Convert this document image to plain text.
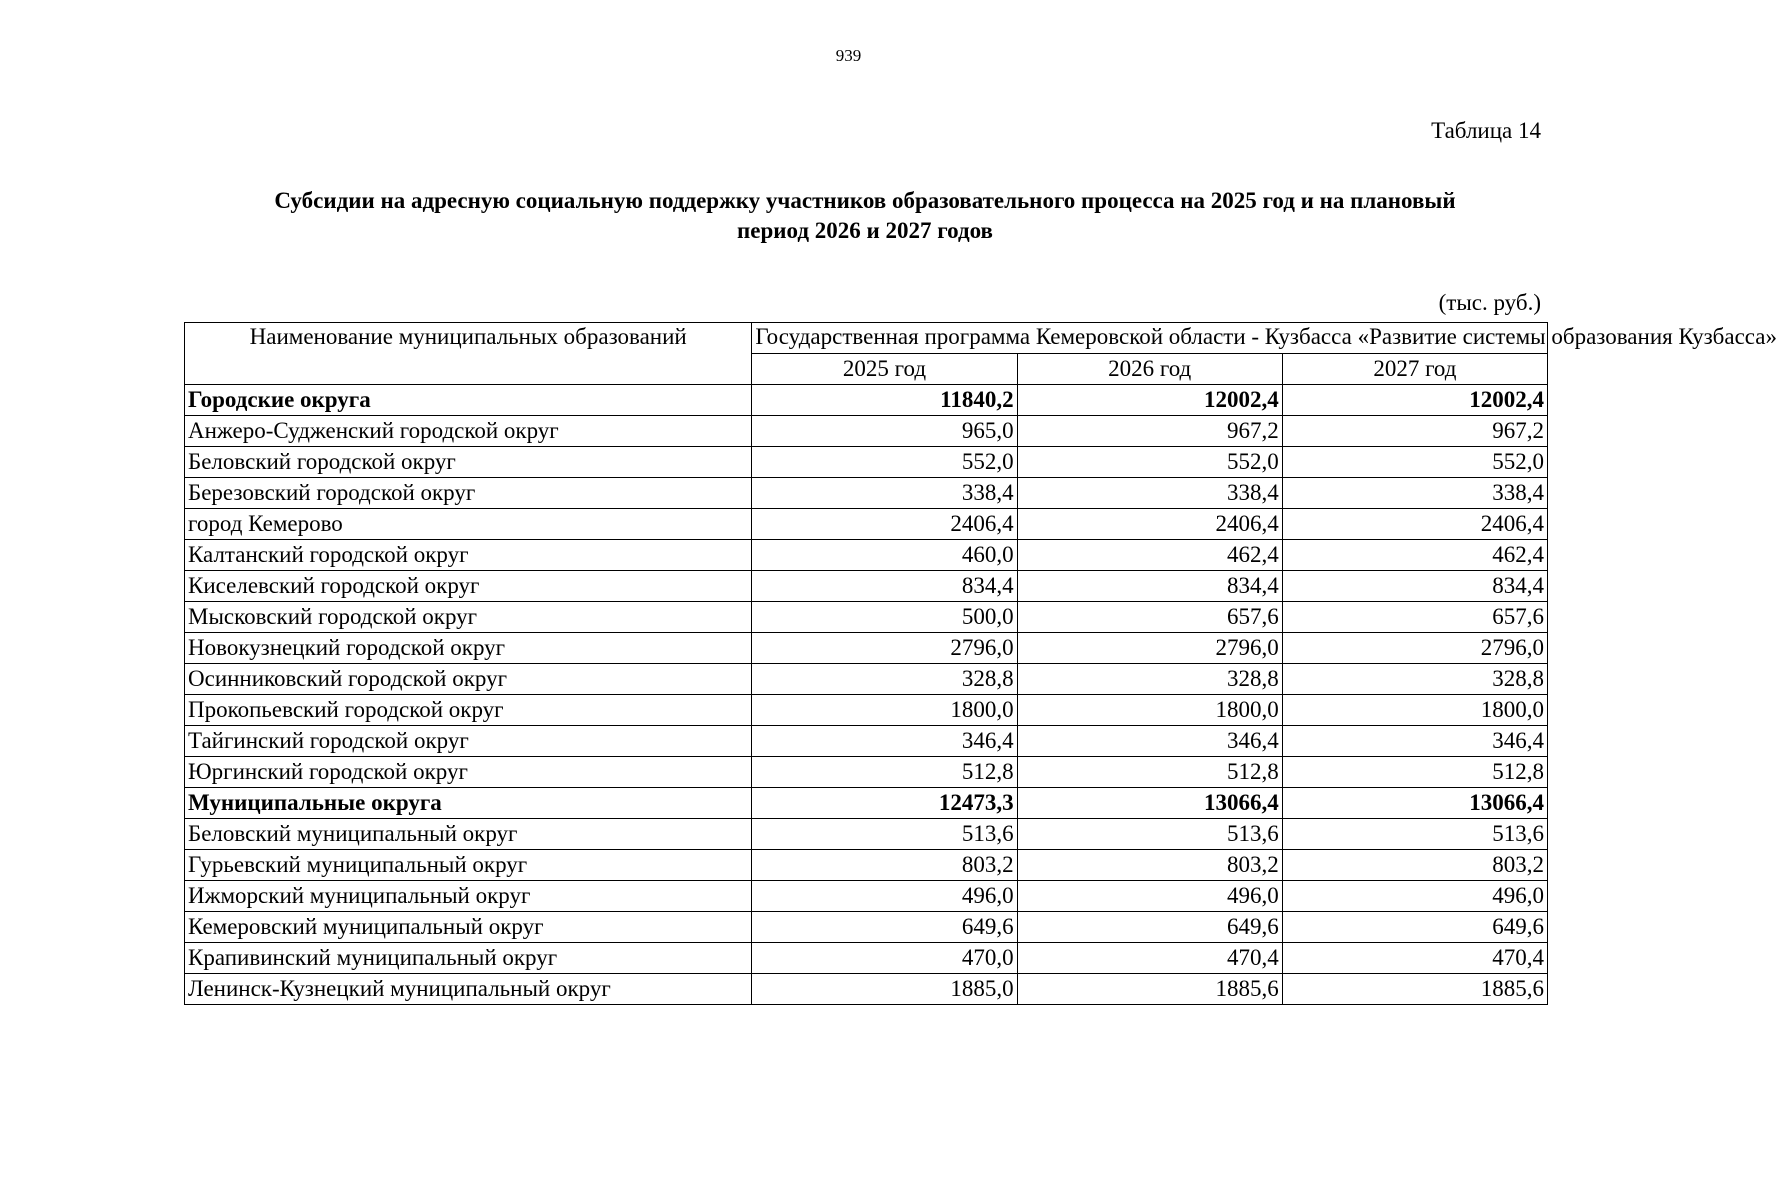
939
Таблица 14
Субсидии на адресную социальную поддержку участников образовательного процесса на 2025 год и на плановый
период 2026 и 2027 годов
(тыс. руб.)
Наименование муниципальных образований	Государственная программа Кемеровской области - Кузбасса «Развитие системы образования Кузбасса»		
	2025 год	2026 год	2027 год
Городские округа	11840,2	12002,4	12002,4
Анжеро-Судженский городской округ	965,0	967,2	967,2
Беловский городской округ	552,0	552,0	552,0
Березовский городской округ	338,4	338,4	338,4
город Кемерово	2406,4	2406,4	2406,4
Калтанский городской округ	460,0	462,4	462,4
Киселевский городской округ	834,4	834,4	834,4
Мысковский городской округ	500,0	657,6	657,6
Новокузнецкий городской округ	2796,0	2796,0	2796,0
Осинниковский городской округ	328,8	328,8	328,8
Прокопьевский городской округ	1800,0	1800,0	1800,0
Тайгинский городской округ	346,4	346,4	346,4
Юргинский городской округ	512,8	512,8	512,8
Муниципальные округа	12473,3	13066,4	13066,4
Беловский муниципальный округ	513,6	513,6	513,6
Гурьевский муниципальный округ	803,2	803,2	803,2
Ижморский муниципальный округ	496,0	496,0	496,0
Кемеровский муниципальный округ	649,6	649,6	649,6
Крапивинский муниципальный округ	470,0	470,4	470,4
Ленинск-Кузнецкий муниципальный округ	1885,0	1885,6	1885,6
